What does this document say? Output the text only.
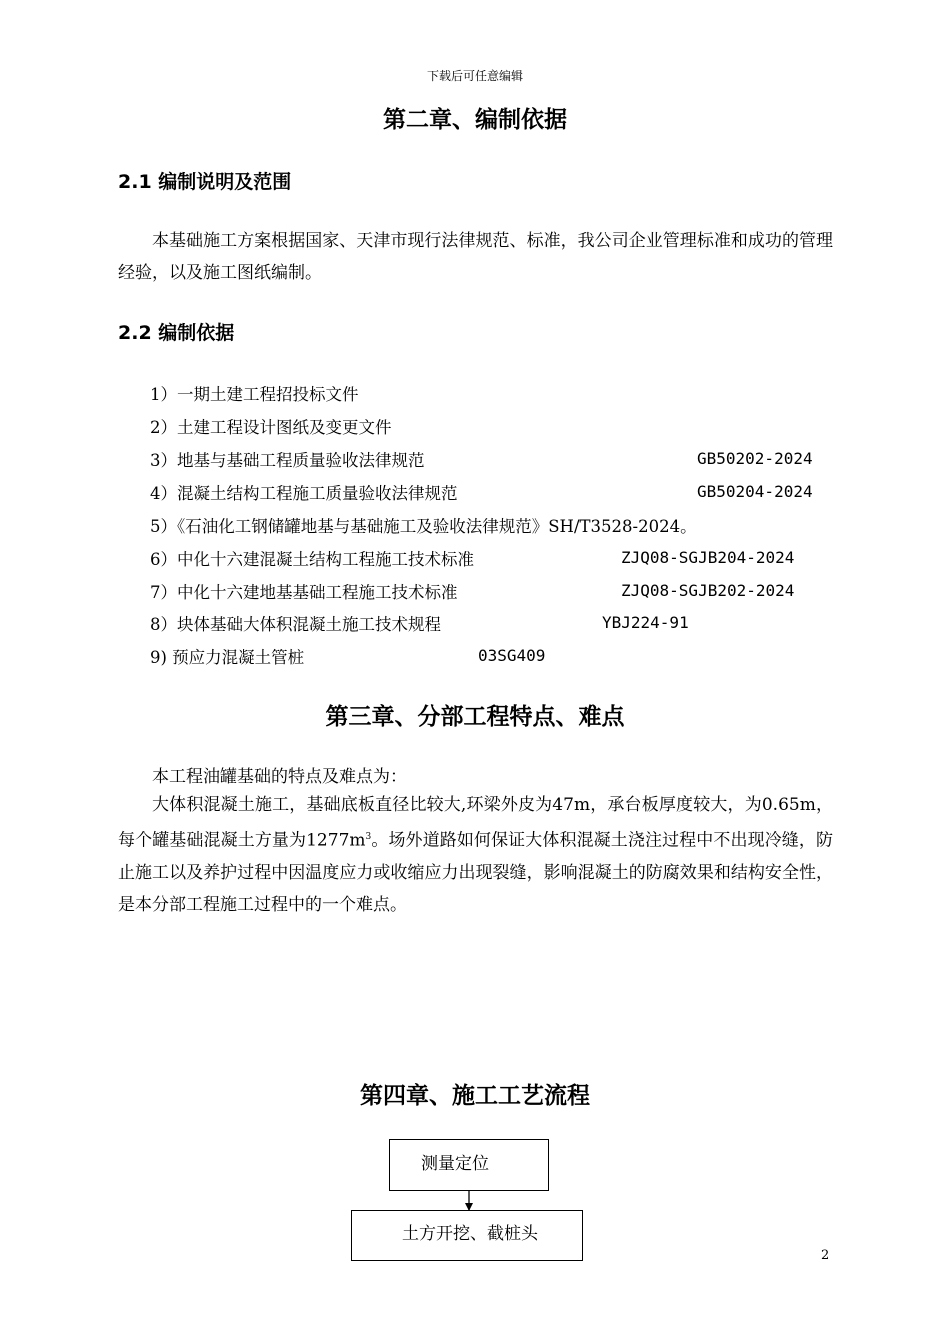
下载后可任意编辑
第二章、编制依据
2.1 编制说明及范围
本基础施工方案根据国家、天津市现行法律规范、标准，我公司企业管理标准和成功的管理经验，以及施工图纸编制。
2.2 编制依据
1）一期土建工程招投标文件
2）土建工程设计图纸及变更文件
3）地基与基础工程质量验收法律规范	GB50202-2024
4）混凝土结构工程施工质量验收法律规范	GB50204-2024
5）《石油化工钢储罐地基与基础施工及验收法律规范》SH/T3528-2024。
6）中化十六建混凝土结构工程施工技术标准	ZJQ08-SGJB204-2024
7）中化十六建地基基础工程施工技术标准	ZJQ08-SGJB202-2024
8）块体基础大体积混凝土施工技术规程	YBJ224-91
9) 预应力混凝土管桩	03SG409
第三章、分部工程特点、难点
本工程油罐基础的特点及难点为：
大体积混凝土施工，基础底板直径比较大,环梁外皮为47m，承台板厚度较大，为0.65m，每个罐基础混凝土方量为$1277m^3$。场外道路如何保证大体积混凝土浇注过程中不出现冷缝，防止施工以及养护过程中因温度应力或收缩应力出现裂缝，影响混凝土的防腐效果和结构安全性，是本分部工程施工过程中的一个难点。
第四章、施工工艺流程
测量定位
土方开挖、截桩头
2
